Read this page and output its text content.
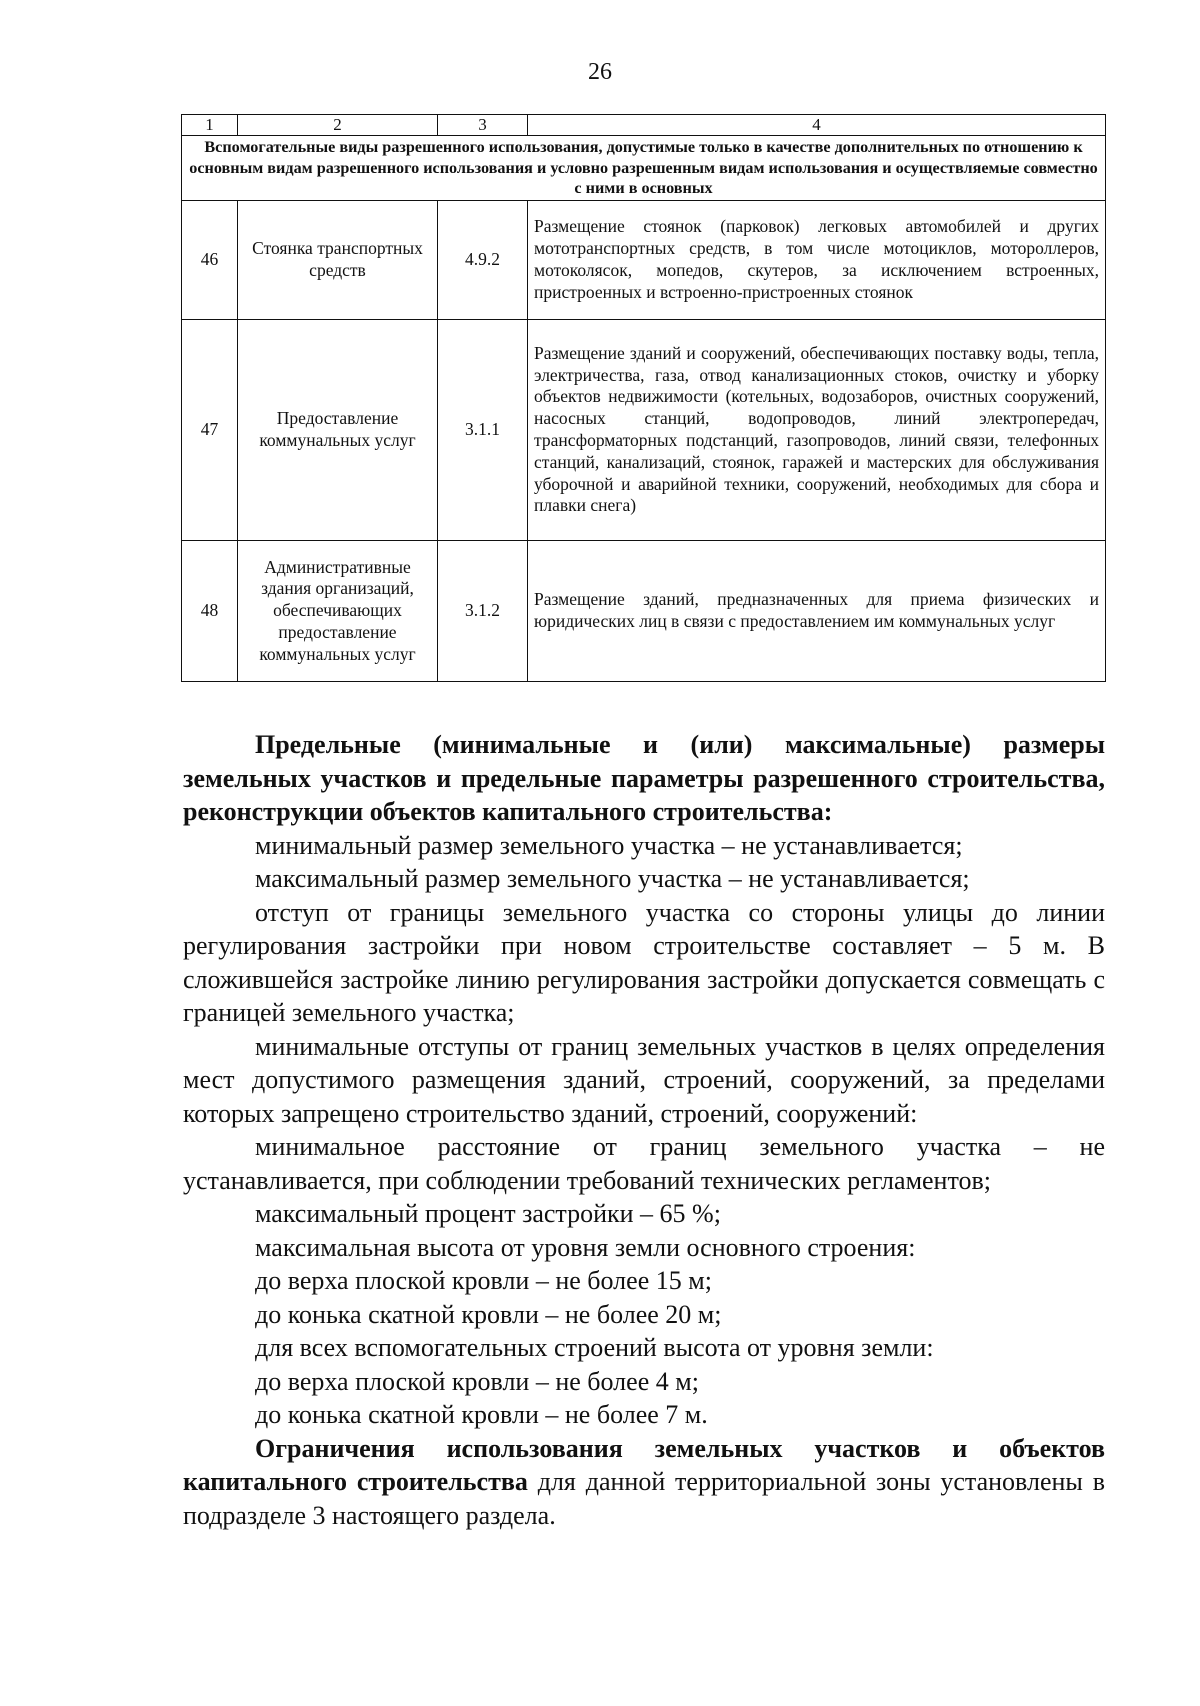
26
1	2	3	4
Вспомогательные виды разрешенного использования, допустимые только в качестве дополнительных по отношению к основным видам разрешенного использования и условно разрешенным видам использования и осуществляемые совместно с ними в основных			
46	Стоянка транспортных средств	4.9.2	Размещение стоянок (парковок) легковых автомобилей и других мототранспортных средств, в том числе мотоциклов, мотороллеров, мотоколясок, мопедов, скутеров, за исключением встроенных, пристроенных и встроенно-пристроенных стоянок
47	Предоставление коммунальных услуг	3.1.1	Размещение зданий и сооружений, обеспечивающих поставку воды, тепла, электричества, газа, отвод канализационных стоков, очистку и уборку объектов недвижимости (котельных, водозаборов, очистных сооружений, насосных станций, водопроводов, линий электропередач, трансформаторных подстанций, газопроводов, линий связи, телефонных станций, канализаций, стоянок, гаражей и мастерских для обслуживания уборочной и аварийной техники, сооружений, необходимых для сбора и плавки снега)
48	Административные здания организаций, обеспечивающих предоставление коммунальных услуг	3.1.2	Размещение зданий, предназначенных для приема физических и юридических лиц в связи с предоставлением им коммунальных услуг

Предельные (минимальные и (или) максимальные) размеры земельных участков и предельные параметры разрешенного строительства, реконструкции объектов капитального строительства:

минимальный размер земельного участка – не устанавливается;

максимальный размер земельного участка – не устанавливается;

отступ от границы земельного участка со стороны улицы до линии регулирования застройки при новом строительстве составляет – 5 м. В сложившейся застройке линию регулирования застройки допускается совмещать с границей земельного участка;

минимальные отступы от границ земельных участков в целях определения мест допустимого размещения зданий, строений, сооружений, за пределами которых запрещено строительство зданий, строений, сооружений:

минимальное расстояние от границ земельного участка – не устанавливается, при соблюдении требований технических регламентов;

максимальный процент застройки – 65 %;

максимальная высота от уровня земли основного строения:

до верха плоской кровли – не более 15 м;

до конька скатной кровли – не более 20 м;

для всех вспомогательных строений высота от уровня земли:

до верха плоской кровли – не более 4 м;

до конька скатной кровли – не более 7 м.

Ограничения использования земельных участков и объектов капитального строительства для данной территориальной зоны установлены в подразделе 3 настоящего раздела.
